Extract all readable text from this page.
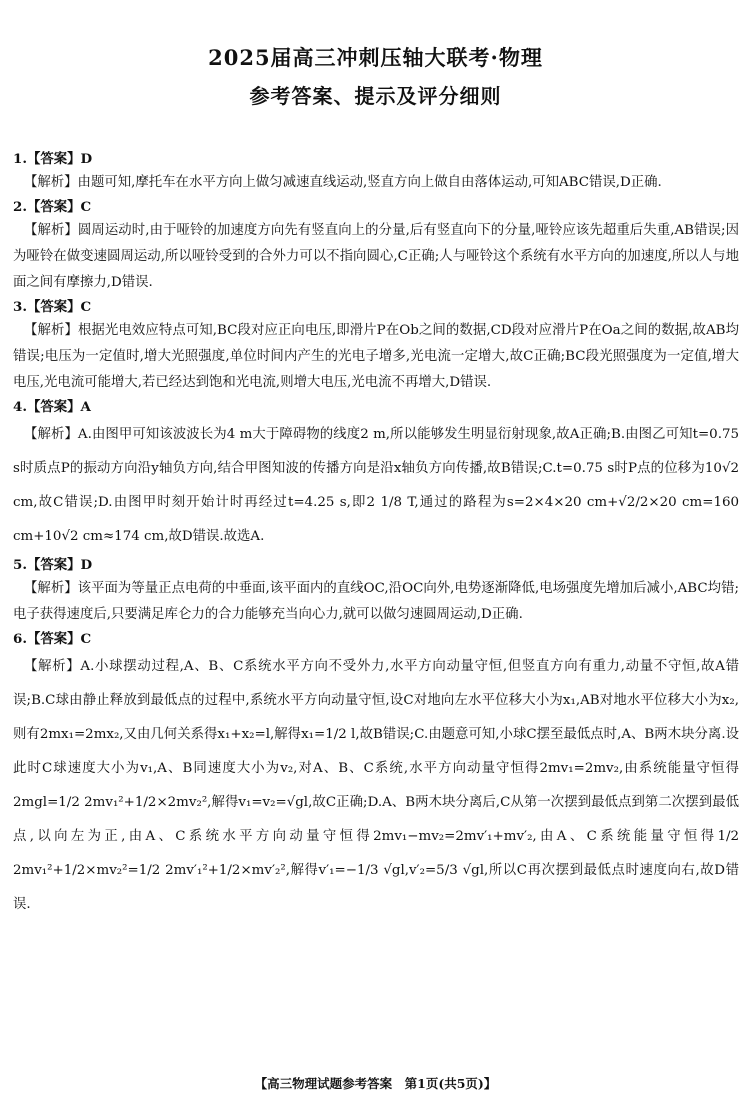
2025届高三冲刺压轴大联考·物理
参考答案、提示及评分细则
1.【答案】D
【解析】由题可知,摩托车在水平方向上做匀减速直线运动,竖直方向上做自由落体运动,可知ABC错误,D正确.
2.【答案】C
【解析】圆周运动时,由于哑铃的加速度方向先有竖直向上的分量,后有竖直向下的分量,哑铃应该先超重后失重,AB错误;因为哑铃在做变速圆周运动,所以哑铃受到的合外力可以不指向圆心,C正确;人与哑铃这个系统有水平方向的加速度,所以人与地面之间有摩擦力,D错误.
3.【答案】C
【解析】根据光电效应特点可知,BC段对应正向电压,即滑片P在Ob之间的数据,CD段对应滑片P在Oa之间的数据,故AB均错误;电压为一定值时,增大光照强度,单位时间内产生的光电子增多,光电流一定增大,故C正确;BC段光照强度为一定值,增大电压,光电流可能增大,若已经达到饱和光电流,则增大电压,光电流不再增大,D错误.
4.【答案】A
【解析】A.由图甲可知该波波长为4 m大于障碍物的线度2 m,所以能够发生明显衍射现象,故A正确;B.由图乙可知t=0.75 s时质点P的振动方向沿y轴负方向,结合甲图知波的传播方向是沿x轴负方向传播,故B错误;C.t=0.75 s时P点的位移为10√2 cm,故C错误;D.由图甲时刻开始计时再经过t=4.25 s,即2 1/8 T,通过的路程为s=2×4×20 cm+√2/2×20 cm=160 cm+10√2 cm≈174 cm,故D错误.故选A.
5.【答案】D
【解析】该平面为等量正点电荷的中垂面,该平面内的直线OC,沿OC向外,电势逐渐降低,电场强度先增加后减小,ABC均错;电子获得速度后,只要满足库仑力的合力能够充当向心力,就可以做匀速圆周运动,D正确.
6.【答案】C
【解析】A.小球摆动过程,A、B、C系统水平方向不受外力,水平方向动量守恒,但竖直方向有重力,动量不守恒,故A错误;B.C球由静止释放到最低点的过程中,系统水平方向动量守恒,设C对地向左水平位移大小为x₁,AB对地水平位移大小为x₂,则有2mx₁=2mx₂,又由几何关系得x₁+x₂=l,解得x₁=1/2 l,故B错误;C.由题意可知,小球C摆至最低点时,A、B两木块分离.设此时C球速度大小为v₁,A、B同速度大小为v₂,对A、B、C系统,水平方向动量守恒得2mv₁=2mv₂,由系统能量守恒得2mgl=1/2 2mv₁²+1/2×2mv₂²,解得v₁=v₂=√gl,故C正确;D.A、B两木块分离后,C从第一次摆到最低点到第二次摆到最低点,以向左为正,由A、C系统水平方向动量守恒得2mv₁−mv₂=2mv′₁+mv′₂,由A、C系统能量守恒得1/2 2mv₁²+1/2×mv₂²=1/2 2mv′₁²+1/2×mv′₂²,解得v′₁=−1/3 √gl,v′₂=5/3 √gl,所以C再次摆到最低点时速度向右,故D错误.
【高三物理试题参考答案　第1页(共5页)】
